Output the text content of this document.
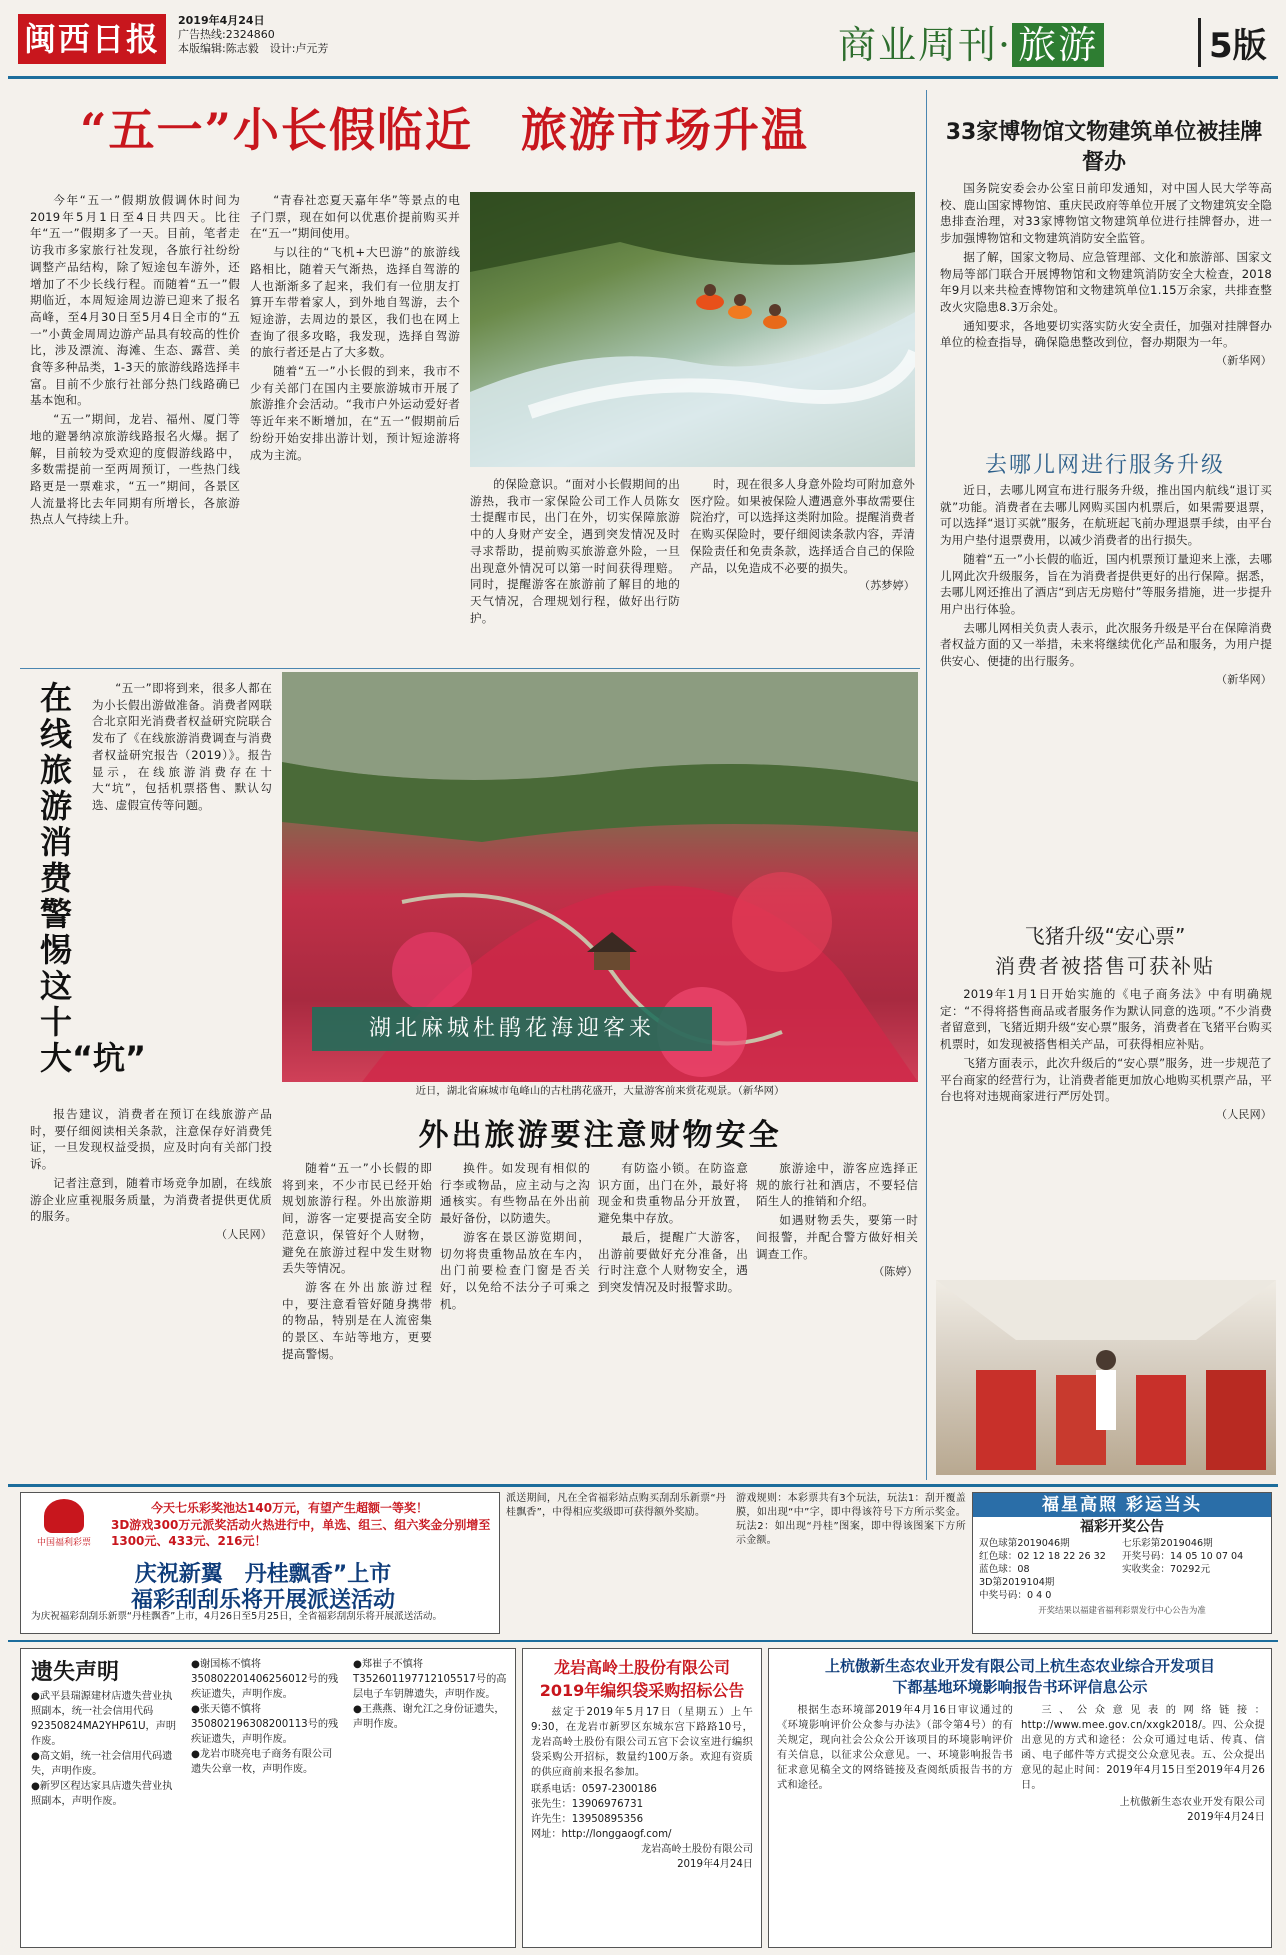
闽西日报	2019年4月24日
广告热线:2324860
本版编辑:陈志毅　设计:卢元芳	商业周刊· 旅游	5版
“五一”小长假临近　旅游市场升温

今年“五一”假期放假调休时间为2019年5月1日至4日共四天。比往年“五一”假期多了一天。目前，笔者走访我市多家旅行社发现，各旅行社纷纷调整产品结构，除了短途包车游外，还增加了不少长线行程。而随着“五一”假期临近，本周短途周边游已迎来了报名高峰，至4月30日至5月4日全市的“五一”小黄金周周边游产品具有较高的性价比，涉及漂流、海滩、生态、露营、美食等多种品类，1-3天的旅游线路选择丰富。目前不少旅行社部分热门线路确已基本饱和。

“五一”期间，龙岩、福州、厦门等地的避暑纳凉旅游线路报名火爆。据了解，目前较为受欢迎的度假游线路中，多数需提前一至两周预订，一些热门线路更是一票难求，“五一”期间，各景区人流量将比去年同期有所增长，各旅游热点人气持续上升。

“青春社恋夏天嘉年华”等景点的电子门票，现在如何以优惠价提前购买并在“五一”期间使用。

与以往的“飞机+大巴游”的旅游线路相比，随着天气渐热，选择自驾游的人也渐渐多了起来，我们有一位朋友打算开车带着家人，到外地自驾游，去个短途游，去周边的景区，我们也在网上查询了很多攻略，我发现，选择自驾游的旅行者还是占了大多数。

随着“五一”小长假的到来，我市不少有关部门在国内主要旅游城市开展了旅游推介会活动。“我市户外运动爱好者等近年来不断增加，在“五一”假期前后纷纷开始安排出游计划，预计短途游将成为主流。

的保险意识。“面对小长假期间的出游热，我市一家保险公司工作人员陈女士提醒市民，出门在外，切实保障旅游中的人身财产安全，遇到突发情况及时寻求帮助，提前购买旅游意外险，一旦出现意外情况可以第一时间获得理赔。同时，提醒游客在旅游前了解目的地的天气情况，合理规划行程，做好出行防护。

时，现在很多人身意外险均可附加意外医疗险。如果被保险人遭遇意外事故需要住院治疗，可以选择这类附加险。提醒消费者在购买保险时，要仔细阅读条款内容，弄清保险责任和免责条款，选择适合自己的保险产品，以免造成不必要的损失。

（苏梦婷）
33家博物馆文物建筑单位被挂牌督办

国务院安委会办公室日前印发通知，对中国人民大学等高校、鹿山国家博物馆、重庆民政府等单位开展了文物建筑安全隐患排查治理，对33家博物馆文物建筑单位进行挂牌督办，进一步加强博物馆和文物建筑消防安全监管。

据了解，国家文物局、应急管理部、文化和旅游部、国家文物局等部门联合开展博物馆和文物建筑消防安全大检查，2018年9月以来共检查博物馆和文物建筑单位1.15万余家，共排查整改火灾隐患8.3万余处。

通知要求，各地要切实落实防火安全责任，加强对挂牌督办单位的检查指导，确保隐患整改到位，督办期限为一年。

（新华网）
去哪儿网进行服务升级

近日，去哪儿网宣布进行服务升级，推出国内航线“退订买就”功能。消费者在去哪儿网购买国内机票后，如果需要退票，可以选择“退订买就”服务，在航班起飞前办理退票手续，由平台为用户垫付退票费用，以减少消费者的出行损失。

随着“五一”小长假的临近，国内机票预订量迎来上涨，去哪儿网此次升级服务，旨在为消费者提供更好的出行保障。据悉，去哪儿网还推出了酒店“到店无房赔付”等服务措施，进一步提升用户出行体验。

去哪儿网相关负责人表示，此次服务升级是平台在保障消费者权益方面的又一举措，未来将继续优化产品和服务，为用户提供安心、便捷的出行服务。

（新华网）
飞猪升级“安心票”
消费者被搭售可获补贴

2019年1月1日开始实施的《电子商务法》中有明确规定：“不得将搭售商品或者服务作为默认同意的选项。”不少消费者留意到，飞猪近期升级“安心票”服务，消费者在飞猪平台购买机票时，如发现被搭售相关产品，可获得相应补贴。

飞猪方面表示，此次升级后的“安心票”服务，进一步规范了平台商家的经营行为，让消费者能更加放心地购买机票产品，平台也将对违规商家进行严厉处罚。

（人民网）
在线旅游消费警惕这十大“坑”

“五一”即将到来，很多人都在为小长假出游做准备。消费者网联合北京阳光消费者权益研究院联合发布了《在线旅游消费调查与消费者权益研究报告（2019）》。报告显示，在线旅游消费存在十大“坑”，包括机票搭售、默认勾选、虚假宣传等问题。

报告建议，消费者在预订在线旅游产品时，要仔细阅读相关条款，注意保存好消费凭证，一旦发现权益受损，应及时向有关部门投诉。

记者注意到，随着市场竞争加剧，在线旅游企业应重视服务质量，为消费者提供更优质的服务。

（人民网）
湖北麻城杜鹃花海迎客来
近日，湖北省麻城市龟峰山的古杜鹃花盛开，大量游客前来赏花观景。（新华网）
外出旅游要注意财物安全

随着“五一”小长假的即将到来，不少市民已经开始规划旅游行程。外出旅游期间，游客一定要提高安全防范意识，保管好个人财物，避免在旅游过程中发生财物丢失等情况。

游客在外出旅游过程中，要注意看管好随身携带的物品，特别是在人流密集的景区、车站等地方，更要提高警惕。

换件。如发现有相似的行李或物品，应主动与之沟通核实。有些物品在外出前最好备份，以防遗失。

游客在景区游览期间，切勿将贵重物品放在车内，出门前要检查门窗是否关好，以免给不法分子可乘之机。

有防盗小锁。在防盗意识方面，出门在外，最好将现金和贵重物品分开放置，避免集中存放。

最后，提醒广大游客，出游前要做好充分准备，出行时注意个人财物安全，遇到突发情况及时报警求助。

旅游途中，游客应选择正规的旅行社和酒店，不要轻信陌生人的推销和介绍。

如遇财物丢失，要第一时间报警，并配合警方做好相关调查工作。

（陈婷）
中国福利彩票
今天七乐彩奖池达140万元，有望产生超额一等奖！
3D游戏300万元派奖活动火热进行中，单选、组三、组六奖金分别增至1300元、433元、216元！
庆祝新翼　丹桂飘香”上市
福彩刮刮乐将开展派送活动
为庆祝福彩刮刮乐新票“丹桂飘香”上市，4月26日至5月25日，全省福彩刮刮乐将开展派送活动。
派送期间，凡在全省福彩站点购买刮刮乐新票“丹桂飘香”，中得相应奖级即可获得额外奖励。
游戏规则：本彩票共有3个玩法，玩法1：刮开覆盖膜，如出现“中”字，即中得该符号下方所示奖金。玩法2：如出现“丹桂”图案，即中得该图案下方所示金额。
福星高照 彩运当头
福彩开奖公告
双色球第2019046期	七乐彩第2019046期
红色球：02 12 18 22 26 32	开奖号码：14 05 10 07 04
蓝色球：08	实收奖金：70292元
3D第2019104期
中奖号码：0 4 0
开奖结果以福建省福利彩票发行中心公告为准
遗失声明
●武平县瑞源建材店遗失营业执照副本，统一社会信用代码92350824MA2YHP61U，声明作废。
●高文娟，统一社会信用代码遗失，声明作废。
●新罗区程达家具店遗失营业执照副本，声明作废。
●谢国栋不慎将350802201406256012号的残疾证遗失，声明作废。
●张天德不慎将350802196308200113号的残疾证遗失，声明作废。
●龙岩市晓亮电子商务有限公司遗失公章一枚，声明作废。
●郑崔子不慎将T352601197712105517号的高层电子车钥牌遗失，声明作废。
●王燕燕、谢允江之身份证遗失，声明作废。
龙岩高岭土股份有限公司
2019年编织袋采购招标公告

兹定于2019年5月17日（星期五）上午9:30，在龙岩市新罗区东城东宫下路路10号，龙岩高岭土股份有限公司五宫下会议室进行编织袋采购公开招标，数量约100万条。欢迎有资质的供应商前来报名参加。

联系电话：0597-2300186
张先生：13906976731
许先生：13950895356
网址：http://longgaogf.com/
龙岩高岭土股份有限公司
2019年4月24日
上杭傲新生态农业开发有限公司上杭生态农业综合开发项目
下都基地环境影响报告书环评信息公示

根据生态环境部2019年4月16日审议通过的《环境影响评价公众参与办法》（部令第4号）的有关规定，现向社会公众公开该项目的环境影响评价有关信息，以征求公众意见。一、环境影响报告书征求意见稿全文的网络链接及查阅纸质报告书的方式和途径。

三、公众意见表的网络链接：http://www.mee.gov.cn/xxgk2018/。四、公众提出意见的方式和途径：公众可通过电话、传真、信函、电子邮件等方式提交公众意见表。五、公众提出意见的起止时间：2019年4月15日至2019年4月26日。

上杭傲新生态农业开发有限公司
2019年4月24日
